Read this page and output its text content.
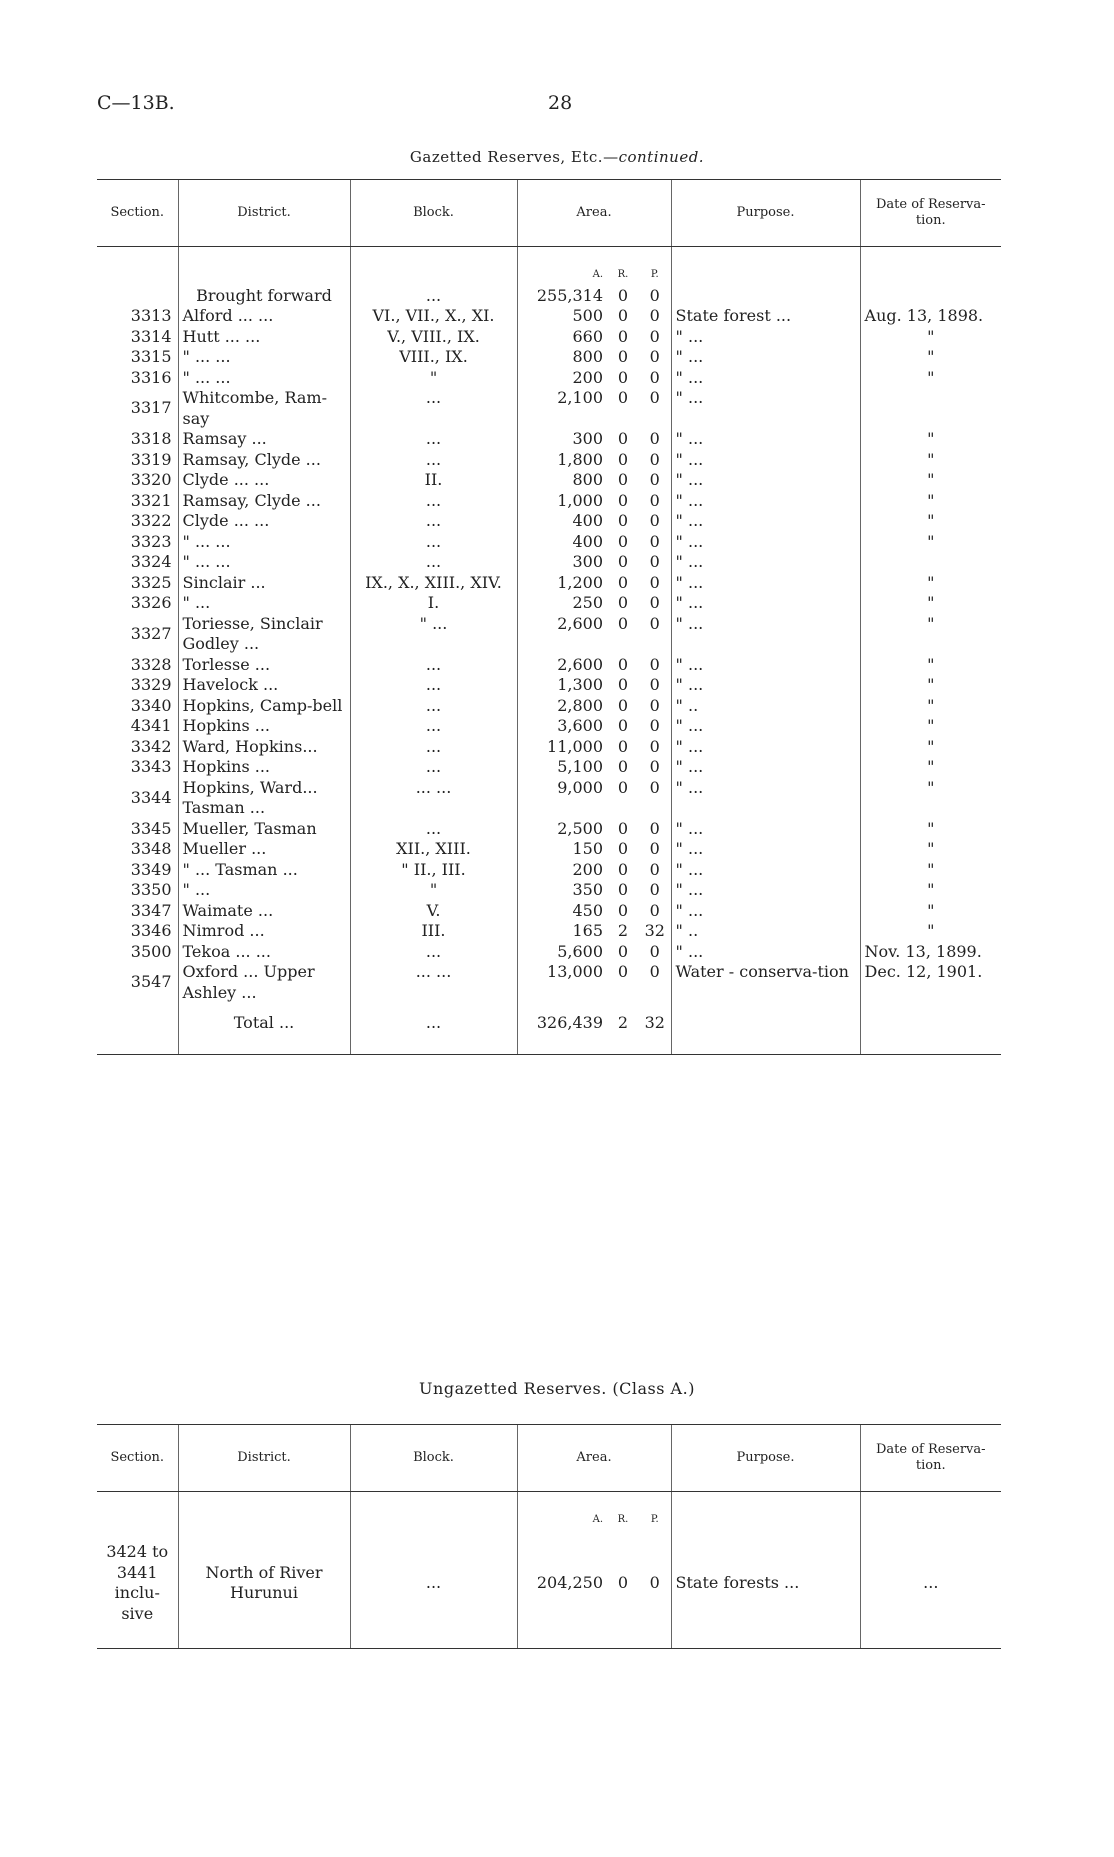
C—13B.	28
Gazetted Reserves, Etc.—continued.
Section.	District.	Block.	Area.			Purpose.	Date of Reserva-tion.
			A.	R.	P.		
	Brought forward	...	255,314	0	0		
3313	Alford ... ...	VI., VII., X., XI.	500	0	0	State forest ...	Aug. 13, 1898.
3314	Hutt ... ...	V., VIII., IX.	660	0	0	" ...	"
3315	" ... ...	VIII., IX.	800	0	0	" ...	"
3316	" ... ...	"	200	0	0	" ...	"
3317	Whitcombe, Ram-say	...	2,100	0	0	" ...	
3318	Ramsay ...	...	300	0	0	" ...	"
3319	Ramsay, Clyde ...	...	1,800	0	0	" ...	"
3320	Clyde ... ...	II.	800	0	0	" ...	"
3321	Ramsay, Clyde ...	...	1,000	0	0	" ...	"
3322	Clyde ... ...	...	400	0	0	" ...	"
3323	" ... ...	...	400	0	0	" ...	"
3324	" ... ...	...	300	0	0	" ...	
3325	Sinclair ...	IX., X., XIII., XIV.	1,200	0	0	" ...	"
3326	" ...	I.	250	0	0	" ...	"
3327	Toriesse, Sinclair Godley ...	" ...	2,600	0	0	" ...	"
3328	Torlesse ...	...	2,600	0	0	" ...	"
3329	Havelock ...	...	1,300	0	0	" ...	"
3340	Hopkins, Camp-bell	...	2,800	0	0	" ..	"
4341	Hopkins ...	...	3,600	0	0	" ...	"
3342	Ward, Hopkins...	...	11,000	0	0	" ...	"
3343	Hopkins ...	...	5,100	0	0	" ...	"
3344	Hopkins, Ward... Tasman ...	... ...	9,000	0	0	" ...	"
3345	Mueller, Tasman	...	2,500	0	0	" ...	"
3348	Mueller ...	XII., XIII.	150	0	0	" ...	"
3349	" ... Tasman ...	" II., III.	200	0	0	" ...	"
3350	" ...	"	350	0	0	" ...	"
3347	Waimate ...	V.	450	0	0	" ...	"
3346	Nimrod ...	III.	165	2	32	" ..	"
3500	Tekoa ... ...	...	5,600	0	0	" ...	Nov. 13, 1899.
3547	Oxford ... Upper Ashley ...	... ...	13,000	0	0	Water - conserva-tion	Dec. 12, 1901.
	Total ...	...	326,439	2	32		
Ungazetted Reserves. (Class A.)
Section.	District.	Block.	Area.			Purpose.	Date of Reserva-tion.
			A.	R.	P.		
3424 to 3441 inclu-sive	North of River Hurunui	...	204,250	0	0	State forests ...	...
